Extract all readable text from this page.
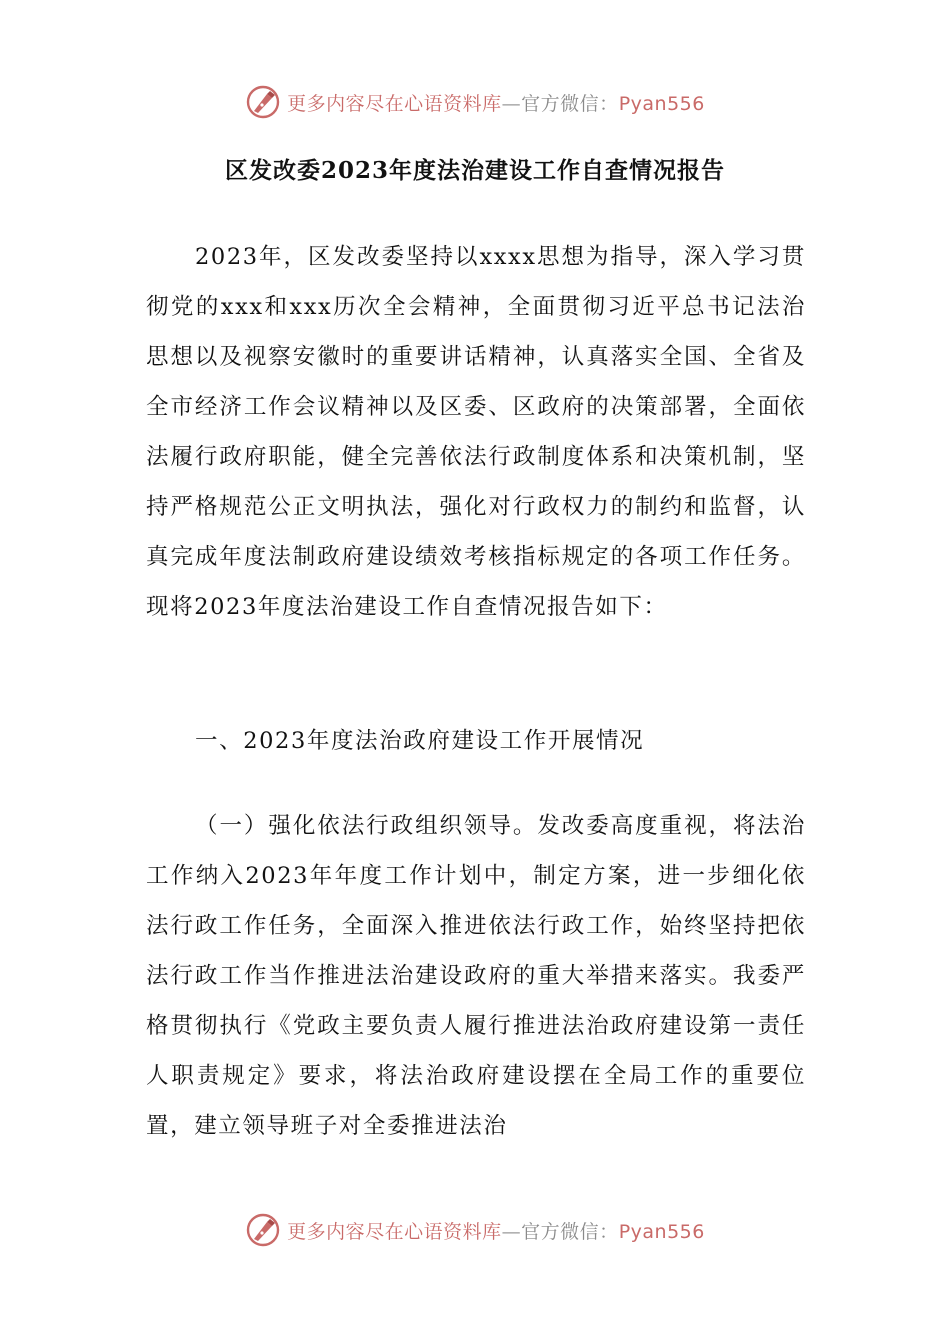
更多内容尽在心语资料库—官方微信：Pyan556
区发改委2023年度法治建设工作自查情况报告

2023年，区发改委坚持以xxxx思想为指导，深入学习贯彻党的xxx和xxx历次全会精神，全面贯彻习近平总书记法治思想以及视察安徽时的重要讲话精神，认真落实全国、全省及全市经济工作会议精神以及区委、区政府的决策部署，全面依法履行政府职能，健全完善依法行政制度体系和决策机制，坚持严格规范公正文明执法，强化对行政权力的制约和监督，认真完成年度法制政府建设绩效考核指标规定的各项工作任务。现将2023年度法治建设工作自查情况报告如下：

一、2023年度法治政府建设工作开展情况

（一）强化依法行政组织领导。发改委高度重视，将法治工作纳入2023年年度工作计划中，制定方案，进一步细化依法行政工作任务，全面深入推进依法行政工作，始终坚持把依法行政工作当作推进法治建设政府的重大举措来落实。我委严格贯彻执行《党政主要负责人履行推进法治政府建设第一责任人职责规定》要求，将法治政府建设摆在全局工作的重要位置，建立领导班子对全委推进法治

更多内容尽在心语资料库—官方微信：Pyan556
